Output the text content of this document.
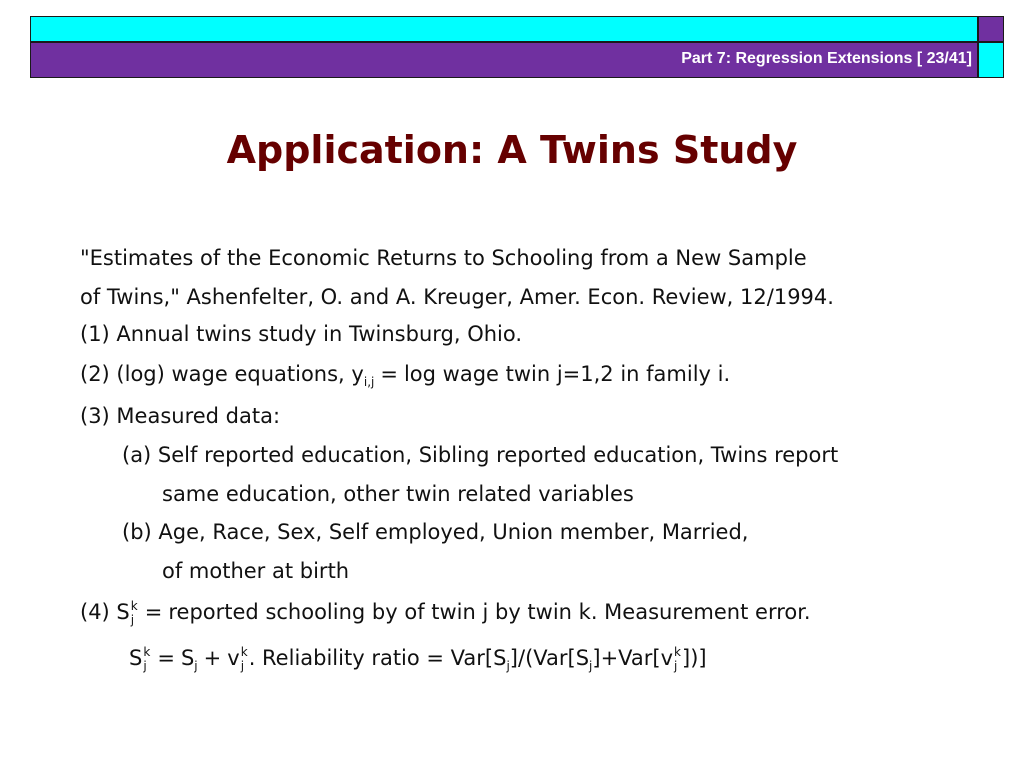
Part 7: Regression Extensions [ 23/41]
Application: A Twins Study
"Estimates of the Economic Returns to Schooling from a New Sample
of Twins," Ashenfelter, O. and A. Kreuger, Amer. Econ. Review, 12/1994.
(1) Annual twins study in Twinsburg, Ohio.
(2) (log) wage equations, $y_{i,j} = \log$ wage twin j=1,2 in family i.
(3) Measured data:
(a) Self reported education, Sibling reported education, Twins report
same education, other twin related variables
(b) Age, Race, Sex, Self employed, Union member, Married,
of mother at birth
(4) S k
j = reported schooling by of twin j by twin k. Measurement error.
S k
$j = S_j + v$ k
j . Reliability ratio = $Var[S_j]/(Var[S_j]+Var[v$ k
j ])]
